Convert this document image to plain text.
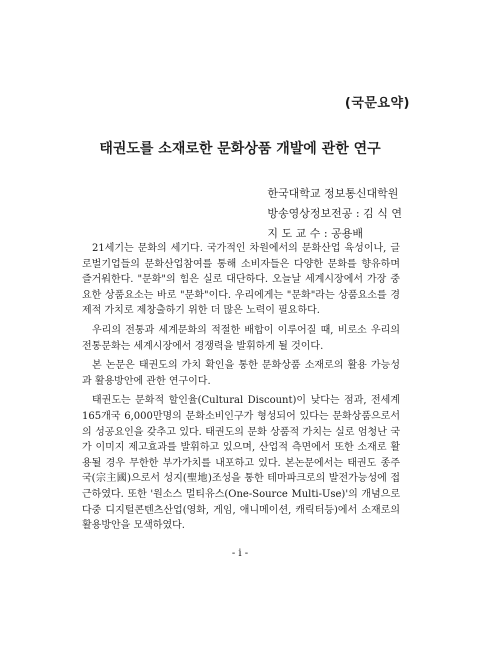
(국문요약)
태권도를 소재로한 문화상품 개발에 관한 연구
한국대학교 정보통신대학원
방송영상정보전공 : 김 식 연
지 도 교 수 : 공용배

21세기는 문화의 세기다. 국가적인 차원에서의 문화산업 육성이나, 글로벌기업들의 문화산업참여를 통해 소비자들은 다양한 문화를 향유하며 즐거워한다. "문화"의 힘은 실로 대단하다. 오늘날 세계시장에서 가장 중요한 상품요소는 바로 "문화"이다. 우리에게는 "문화"라는 상품요소를 경제적 가치로 제창출하기 위한 더 많은 노력이 필요하다.

우리의 전통과 세계문화의 적절한 배합이 이루어질 때, 비로소 우리의 전통문화는 세계시장에서 경쟁력을 발휘하게 될 것이다.

본 논문은 태권도의 가치 확인을 통한 문화상품 소재로의 활용 가능성과 활용방안에 관한 연구이다.

태권도는 문화적 할인율(Cultural Discount)이 낮다는 점과, 전세계 165개국 6,000만명의 문화소비인구가 형성되어 있다는 문화상품으로서의 성공요인을 갖추고 있다. 태권도의 문화 상품적 가치는 실로 엄청난 국가 이미지 제고효과를 발휘하고 있으며, 산업적 측면에서 또한 소재로 활용될 경우 무한한 부가가치를 내포하고 있다. 본논문에서는 태권도 종주국(宗主國)으로서 성지(聖地)조성을 통한 테마파크로의 발전가능성에 접근하였다. 또한 '원소스 멀티유스(One-Source Multi-Use)'의 개념으로다중 디지털콘텐츠산업(영화, 게임, 애니메이션, 캐릭터등)에서 소재로의 활용방안을 모색하였다.

- i -
